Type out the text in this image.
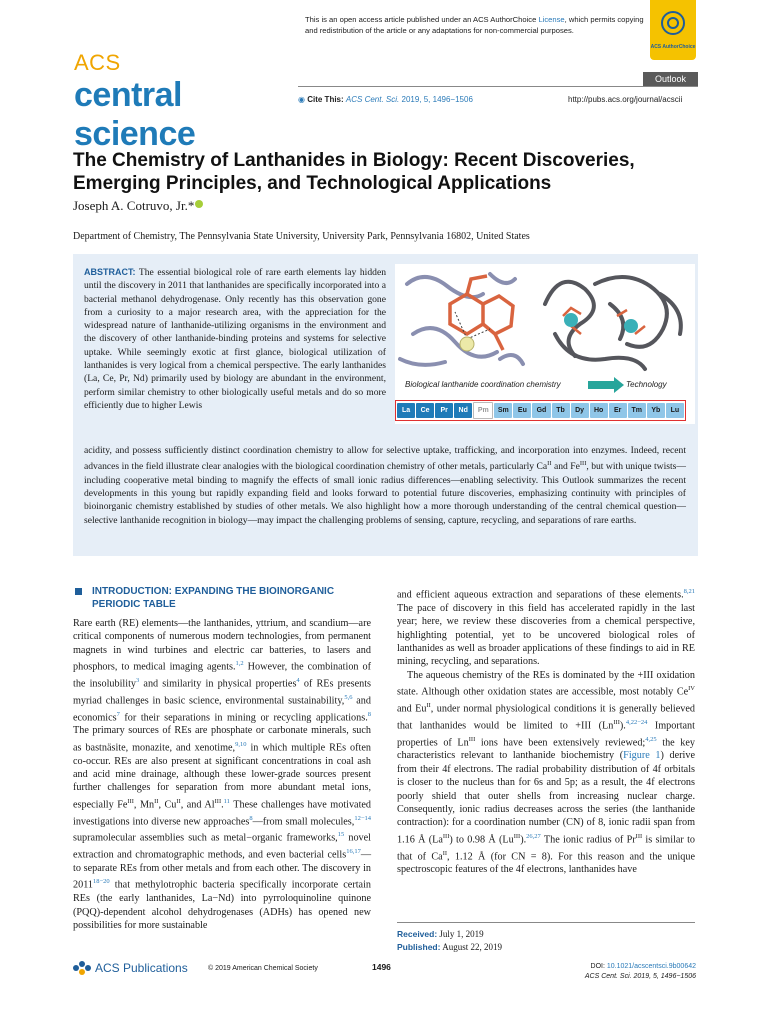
ACS
central
science
This is an open access article published under an ACS AuthorChoice License, which permits copying and redistribution of the article or any adaptations for non-commercial purposes.
ACS AuthorChoice
Outlook
◉ Cite This: ACS Cent. Sci. 2019, 5, 1496−1506	http://pubs.acs.org/journal/acscii
The Chemistry of Lanthanides in Biology: Recent Discoveries, Emerging Principles, and Technological Applications
Joseph A. Cotruvo, Jr.*
Department of Chemistry, The Pennsylvania State University, University Park, Pennsylvania 16802, United States
ABSTRACT: The essential biological role of rare earth elements lay hidden until the discovery in 2011 that lanthanides are specifically incorporated into a bacterial methanol dehydrogenase. Only recently has this observation gone from a curiosity to a major research area, with the appreciation for the widespread nature of lanthanide-utilizing organisms in the environment and the discovery of other lanthanide-binding proteins and systems for selective uptake. While seemingly exotic at first glance, biological utilization of lanthanides is very logical from a chemical perspective. The early lanthanides (La, Ce, Pr, Nd) primarily used by biology are abundant in the environment, perform similar chemistry to other biologically useful metals and do so more efficiently due to higher Lewis
Biological lanthanide coordination chemistry	Technology
La	Ce	Pr	Nd	Pm	Sm	Eu	Gd	Tb	Dy	Ho	Er	Tm	Yb	Lu
acidity, and possess sufficiently distinct coordination chemistry to allow for selective uptake, trafficking, and incorporation into enzymes. Indeed, recent advances in the field illustrate clear analogies with the biological coordination chemistry of other metals, particularly $Ca^{II}$ and $Fe^{III}$, but with unique twists—including cooperative metal binding to magnify the effects of small ionic radius differences—enabling selectivity. This Outlook summarizes the recent developments in this young but rapidly expanding field and looks forward to potential future discoveries, emphasizing continuity with principles of bioinorganic chemistry established by studies of other metals. We also highlight how a more thorough understanding of the central chemical question—selective lanthanide recognition in biology—may impact the challenging problems of sensing, capture, recycling, and separations of rare earths.
INTRODUCTION: EXPANDING THE BIOINORGANIC PERIODIC TABLE

Rare earth (RE) elements—the lanthanides, yttrium, and scandium—are critical components of numerous modern technologies, from permanent magnets in wind turbines and electric car batteries, to lasers and phosphors, to medical imaging agents.$^{1,2}$ However, the combination of the insolubility$^3$ and similarity in physical properties$^4$ of REs presents myriad challenges in basic science, environmental sustainability,$^{5,6}$ and economics$^7$ for their separations in mining or recycling applications.$^8$ The primary sources of REs are phosphate or carbonate minerals, such as bastnäsite, monazite, and xenotime,$^{9,10}$ in which multiple REs often co-occur. REs are also present at significant concentrations in coal ash and acid mine drainage, although these lower-grade sources present further challenges for separation from more abundant metal ions, especially $Fe^{III}$, $Mn^{II}$, $Cu^{II}$, and $Al^{III}.^{11}$ These challenges have motivated investigations into diverse new approaches$^8$—from small molecules,$^{12-14}$ supramolecular assemblies such as metal−organic frameworks,$^{15}$ novel extraction and chromatographic methods, and even bacterial cells$^{16,17}$—to separate REs from other metals and from each other. The discovery in $2011^{18-20}$ that methylotrophic bacteria specifically incorporate certain REs (the early lanthanides, La−Nd) into pyrroloquinoline quinone (PQQ)-dependent alcohol dehydrogenases (ADHs) has opened new possibilities for more sustainable

and efficient aqueous extraction and separations of these elements.$^{8,21}$ The pace of discovery in this field has accelerated rapidly in the last year; here, we review these discoveries from a chemical perspective, highlighting potential, yet to be uncovered biological roles of lanthanides as well as broader applications of these findings to aid in RE mining, recycling, and separations.

The aqueous chemistry of the REs is dominated by the +III oxidation state. Although other oxidation states are accessible, most notably $Ce^{IV}$ and $Eu^{II}$, under normal physiological conditions it is generally believed that lanthanides would be limited to +III $(Ln^{III}).^{4,22-24}$ Important properties of $Ln^{III}$ ions have been extensively reviewed;$^{4,25}$ the key characteristics relevant to lanthanide biochemistry (Figure 1) derive from their 4f electrons. The radial probability distribution of 4f orbitals is closer to the nucleus than for 6s and 5p; as a result, the 4f electrons poorly shield that outer shells from increasing nuclear charge. Consequently, ionic radius decreases across the series (the lanthanide contraction): for a coordination number (CN) of 8, ionic radii span from 1.16 Å $(La^{III})$ to 0.98 Å $(Lu^{III}).^{26,27}$ The ionic radius of $Pr^{III}$ is similar to that of $Ca^{II}$, 1.12 Å (for CN = 8). For this reason and the unique spectroscopic features of the 4f electrons, lanthanides have

Received: July 1, 2019
Published: August 22, 2019
ACS Publications	© 2019 American Chemical Society	1496	DOI: 10.1021/acscentsci.9b00642
ACS Cent. Sci. 2019, 5, 1496−1506
